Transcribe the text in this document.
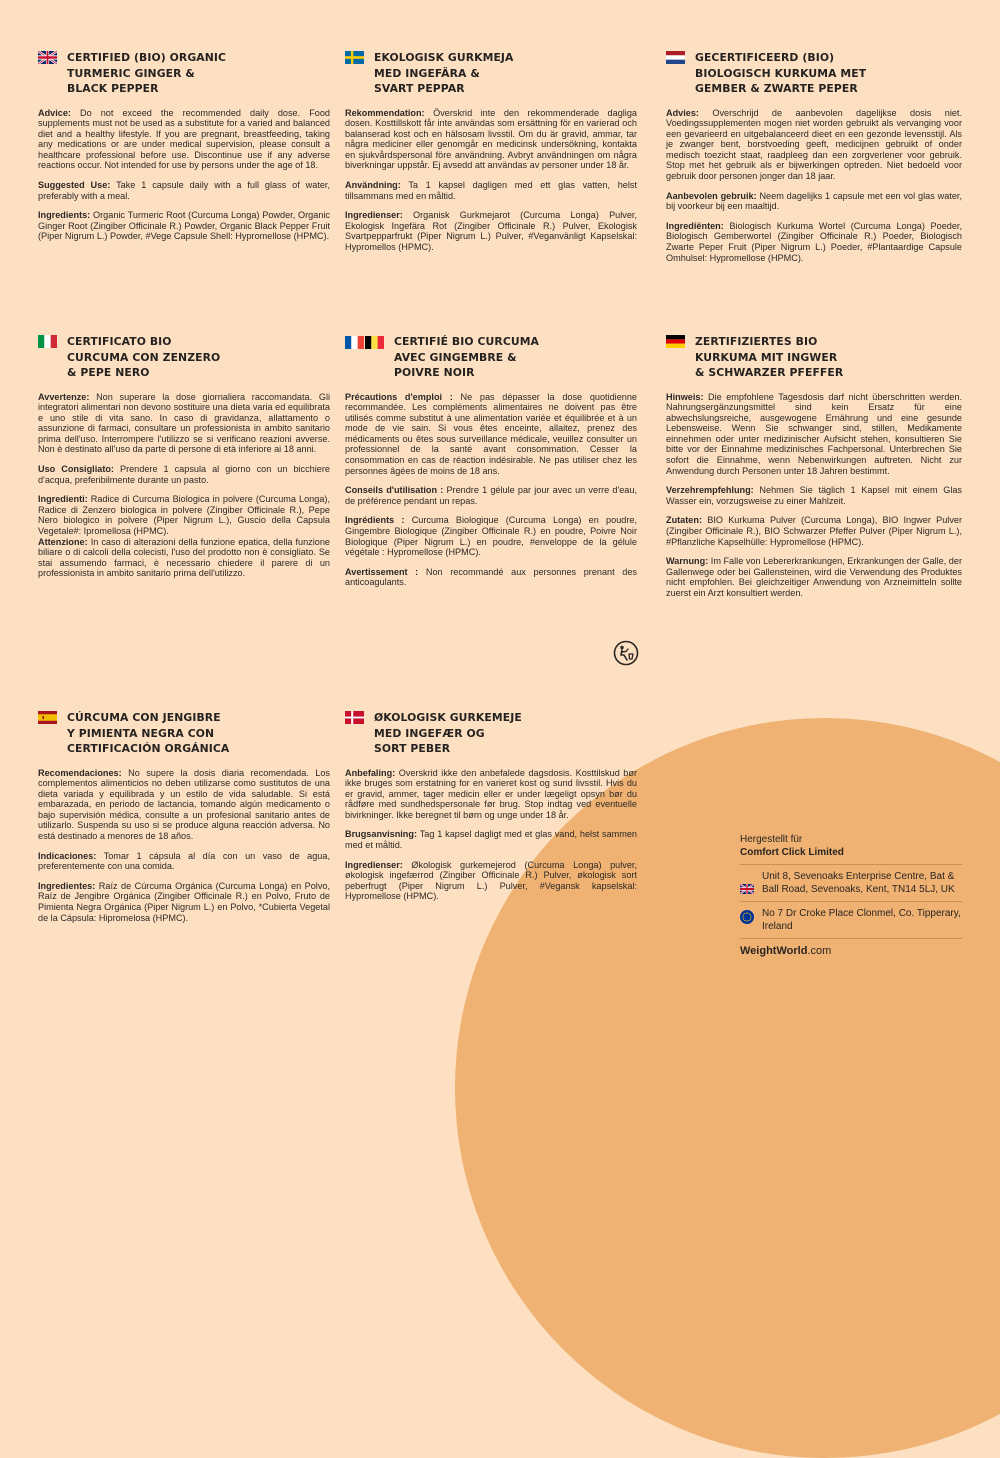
CERTIFIED (BIO) ORGANIC
TURMERIC GINGER &
BLACK PEPPER

Advice: Do not exceed the recommended daily dose. Food supplements must not be used as a substitute for a varied and balanced diet and a healthy lifestyle. If you are pregnant, breastfeeding, taking any medications or are under medical supervision, please consult a healthcare professional before use. Discontinue use if any adverse reactions occur. Not intended for use by persons under the age of 18.

Suggested Use: Take 1 capsule daily with a full glass of water, preferably with a meal.

Ingredients: Organic Turmeric Root (Curcuma Longa) Powder, Organic Ginger Root (Zingiber Officinale R.) Powder, Organic Black Pepper Fruit (Piper Nigrum L.) Powder, #Vege Capsule Shell: Hypromellose (HPMC).

EKOLOGISK GURKMEJA
MED INGEFÄRA &
SVART PEPPAR

Rekommendation: Överskrid inte den rekommenderade dagliga dosen. Kosttillskott får inte användas som ersättning för en varierad och balanserad kost och en hälsosam livsstil. Om du är gravid, ammar, tar några mediciner eller genomgår en medicinsk undersökning, kontakta en sjukvårdspersonal före användning. Avbryt användningen om några biverkningar uppstår. Ej avsedd att användas av personer under 18 år.

Användning: Ta 1 kapsel dagligen med ett glas vatten, helst tillsammans med en måltid.

Ingredienser: Organisk Gurkmejarot (Curcuma Longa) Pulver, Ekologisk Ingefära Rot (Zingiber Officinale R.) Pulver, Ekologisk Svartpepparfrukt (Piper Nigrum L.) Pulver, #Veganvänligt Kapselskal: Hypromellos (HPMC).

GECERTIFICEERD (BIO)
BIOLOGISCH KURKUMA MET
GEMBER & ZWARTE PEPER

Advies: Overschrijd de aanbevolen dagelijkse dosis niet. Voedingssupplementen mogen niet worden gebruikt als vervanging voor een gevarieerd en uitgebalanceerd dieet en een gezonde levensstijl. Als je zwanger bent, borstvoeding geeft, medicijnen gebruikt of onder medisch toezicht staat, raadpleeg dan een zorgverlener voor gebruik. Stop met het gebruik als er bijwerkingen optreden. Niet bedoeld voor gebruik door personen jonger dan 18 jaar.

Aanbevolen gebruik: Neem dagelijks 1 capsule met een vol glas water, bij voorkeur bij een maaltijd.

Ingrediënten: Biologisch Kurkuma Wortel (Curcuma Longa) Poeder, Biologisch Gemberwortel (Zingiber Officinale R.) Poeder, Biologisch Zwarte Peper Fruit (Piper Nigrum L.) Poeder, #Plantaardige Capsule Omhulsel: Hypromellose (HPMC).

CERTIFICATO BIO
CURCUMA CON ZENZERO
& PEPE NERO

Avvertenze: Non superare la dose giornaliera raccomandata. Gli integratori alimentari non devono sostituire una dieta varia ed equilibrata e uno stile di vita sano. In caso di gravidanza, allattamento o assunzione di farmaci, consultare un professionista in ambito sanitario prima dell'uso. Interrompere l'utilizzo se si verificano reazioni avverse. Non è destinato all'uso da parte di persone di età inferiore ai 18 anni.

Uso Consigliato: Prendere 1 capsula al giorno con un bicchiere d'acqua, preferibilmente durante un pasto.

Ingredienti: Radice di Curcuma Biologica in polvere (Curcuma Longa), Radice di Zenzero biologica in polvere (Zingiber Officinale R.), Pepe Nero biologico in polvere (Piper Nigrum L.), Guscio della Capsula Vegetale#: Ipromellosa (HPMC).

Attenzione: In caso di alterazioni della funzione epatica, della funzione biliare o di calcoli della colecisti, l'uso del prodotto non è consigliato. Se stai assumendo farmaci, è necessario chiedere il parere di un professionista in ambito sanitario prima dell'utilizzo.

CERTIFIÉ BIO CURCUMA
AVEC GINGEMBRE &
POIVRE NOIR

Précautions d'emploi : Ne pas dépasser la dose quotidienne recommandée. Les compléments alimentaires ne doivent pas être utilisés comme substitut à une alimentation variée et équilibrée et à un mode de vie sain. Si vous êtes enceinte, allaitez, prenez des médicaments ou êtes sous surveillance médicale, veuillez consulter un professionnel de la santé avant consommation. Cesser la consommation en cas de réaction indésirable. Ne pas utiliser chez les personnes âgées de moins de 18 ans.

Conseils d'utilisation : Prendre 1 gélule par jour avec un verre d'eau, de préférence pendant un repas.

Ingrédients : Curcuma Biologique (Curcuma Longa) en poudre, Gingembre Biologique (Zingiber Officinale R.) en poudre, Poivre Noir Biologique (Piper Nigrum L.) en poudre, #enveloppe de la gélule végétale : Hypromellose (HPMC).

Avertissement : Non recommandé aux personnes prenant des anticoagulants.

ZERTIFIZIERTES BIO
KURKUMA MIT INGWER
& SCHWARZER PFEFFER

Hinweis: Die empfohlene Tagesdosis darf nicht überschritten werden. Nahrungsergänzungsmittel sind kein Ersatz für eine abwechslungsreiche, ausgewogene Ernährung und eine gesunde Lebensweise. Wenn Sie schwanger sind, stillen, Medikamente einnehmen oder unter medizinischer Aufsicht stehen, konsultieren Sie bitte vor der Einnahme medizinisches Fachpersonal. Unterbrechen Sie sofort die Einnahme, wenn Nebenwirkungen auftreten. Nicht zur Anwendung durch Personen unter 18 Jahren bestimmt.

Verzehrempfehlung: Nehmen Sie täglich 1 Kapsel mit einem Glas Wasser ein, vorzugsweise zu einer Mahlzeit.

Zutaten: BIO Kurkuma Pulver (Curcuma Longa), BIO Ingwer Pulver (Zingiber Officinale R.), BIO Schwarzer Pfeffer Pulver (Piper Nigrum L.), #Pflanzliche Kapselhülle: Hypromellose (HPMC).

Warnung: Im Falle von Lebererkrankungen, Erkrankungen der Galle, der Gallenwege oder bei Gallensteinen, wird die Verwendung des Produktes nicht empfohlen. Bei gleichzeitiger Anwendung von Arzneimitteln sollte zuerst ein Arzt konsultiert werden.

CÚRCUMA CON JENGIBRE
Y PIMIENTA NEGRA CON
CERTIFICACIÓN ORGÁNICA

Recomendaciones: No supere la dosis diaria recomendada. Los complementos alimenticios no deben utilizarse como sustitutos de una dieta variada y equilibrada y un estilo de vida saludable. Si está embarazada, en periodo de lactancia, tomando algún medicamento o bajo supervisión médica, consulte a un profesional sanitario antes de utilizarlo. Suspenda su uso si se produce alguna reacción adversa. No está destinado a menores de 18 años.

Indicaciones: Tomar 1 cápsula al día con un vaso de agua, preferentemente con una comida.

Ingredientes: Raíz de Cúrcuma Orgánica (Curcuma Longa) en Polvo, Raíz de Jengibre Orgánica (Zingiber Officinale R.) en Polvo, Fruto de Pimienta Negra Orgánica (Piper Nigrum L.) en Polvo, *Cubierta Vegetal de la Cápsula: Hipromelosa (HPMC).

ØKOLOGISK GURKEMEJE
MED INGEFÆR OG
SORT PEBER

Anbefaling: Overskrid ikke den anbefalede dagsdosis. Kosttilskud bør ikke bruges som erstatning for en varieret kost og sund livsstil. Hvis du er gravid, ammer, tager medicin eller er under lægeligt opsyn bør du rådføre med sundhedspersonale før brug. Stop indtag ved eventuelle bivirkninger. Ikke beregnet til børn og unge under 18 år.

Brugsanvisning: Tag 1 kapsel dagligt med et glas vand, helst sammen med et måltid.

Ingredienser: Økologisk gurkemejerod (Curcuma Longa) pulver, økologisk ingefærrod (Zingiber Officinale R.) Pulver, økologisk sort peberfrugt (Piper Nigrum L.) Pulver, #Vegansk kapselskal: Hypromellose (HPMC).

Hergestellt für
Comfort Click Limited
Unit 8, Sevenoaks Enterprise Centre, Bat & Ball Road, Sevenoaks, Kent, TN14 5LJ, UK
No 7 Dr Croke Place Clonmel, Co. Tipperary, Ireland
WeightWorld.com
